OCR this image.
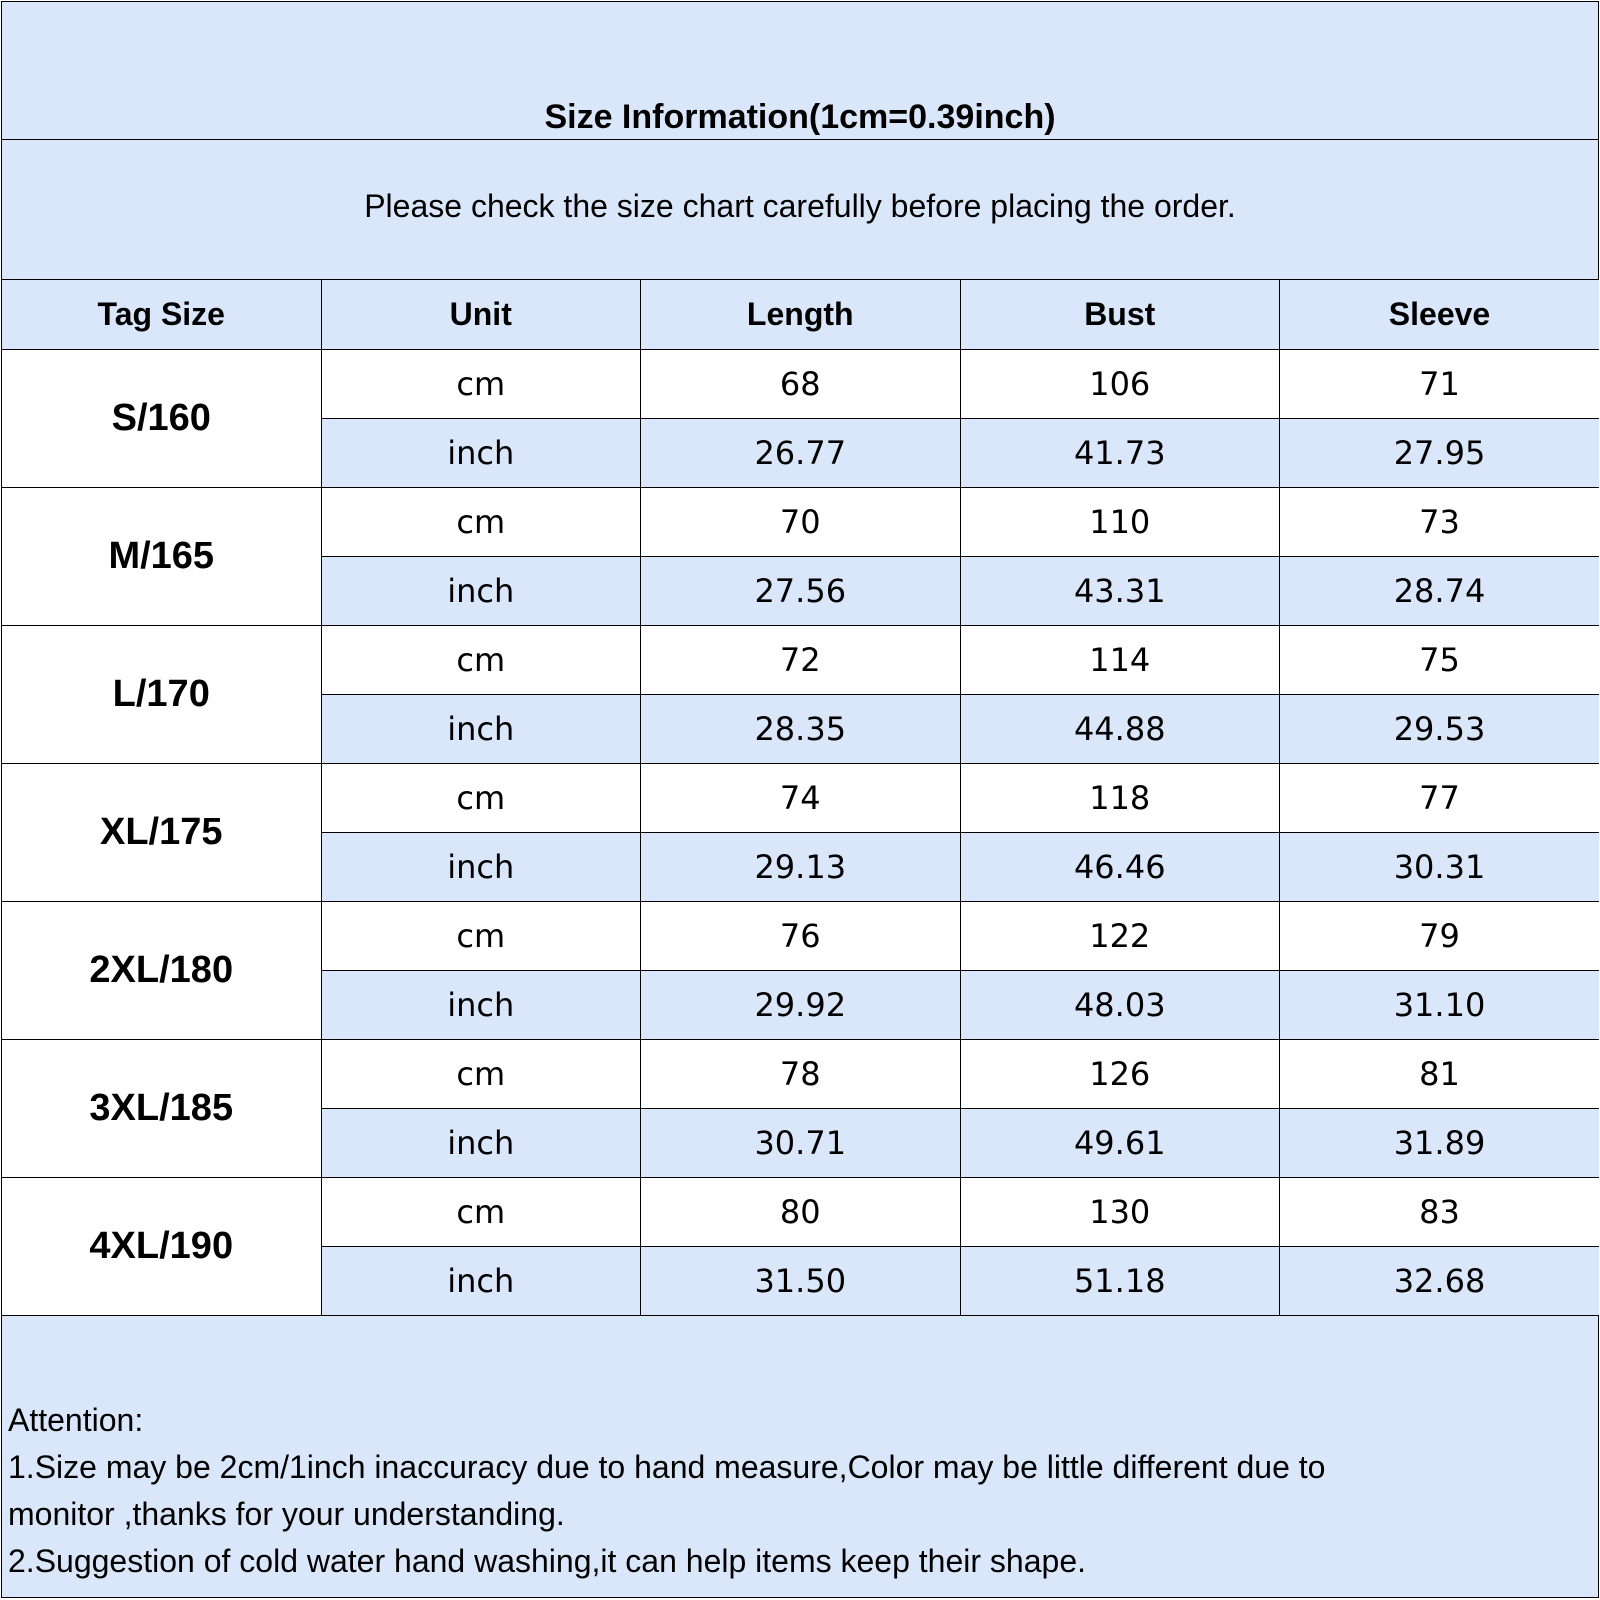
Size Information(1cm=0.39inch)
Please check the size chart carefully before placing the order.
Tag Size	Unit	Length	Bust	Sleeve
S/160	cm	68	106	71
	inch	26.77	41.73	27.95
M/165	cm	70	110	73
	inch	27.56	43.31	28.74
L/170	cm	72	114	75
	inch	28.35	44.88	29.53
XL/175	cm	74	118	77
	inch	29.13	46.46	30.31
2XL/180	cm	76	122	79
	inch	29.92	48.03	31.10
3XL/185	cm	78	126	81
	inch	30.71	49.61	31.89
4XL/190	cm	80	130	83
	inch	31.50	51.18	32.68
Attention:
1.Size may be 2cm/1inch inaccuracy due to hand measure,Color may be little different due to
monitor ,thanks for your understanding.
2.Suggestion of cold water hand washing,it can help items keep their shape.
